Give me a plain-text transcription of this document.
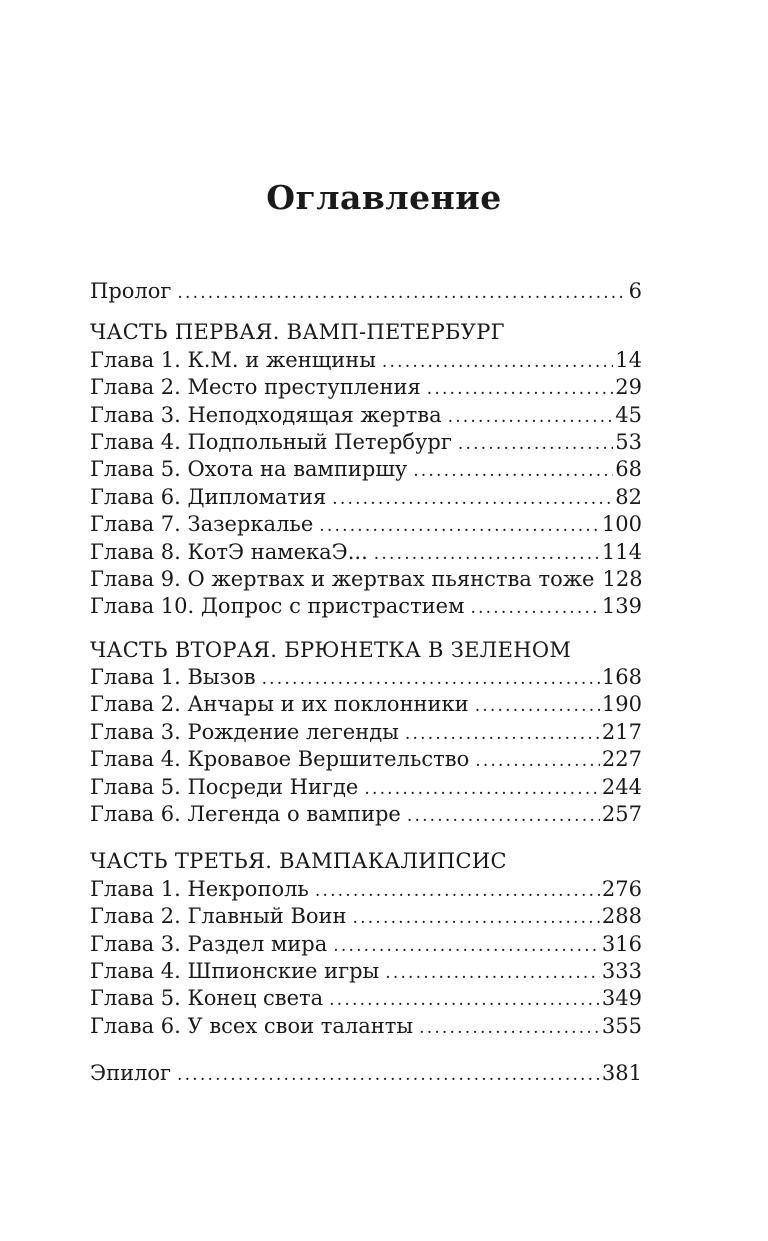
Оглавление
Пролог .....	6
ЧАСТЬ ПЕРВАЯ. ВАМП-ПЕТЕРБУРГ
Глава 1. К.М. и женщины .....	14
Глава 2. Место преступления .....	29
Глава 3. Неподходящая жертва .....	45
Глава 4. Подпольный Петербург .....	53
Глава 5. Охота на вампиршу .....	68
Глава 6. Дипломатия .....	82
Глава 7. Зазеркалье .....	100
Глава 8. КотЭ намекаЭ... .....	114
Глава 9. О жертвах и жертвах пьянства тоже 128
Глава 10. Допрос с пристрастием .....	139
ЧАСТЬ ВТОРАЯ. БРЮНЕТКА В ЗЕЛЕНОМ
Глава 1. Вызов .....	168
Глава 2. Анчары и их поклонники .....	190
Глава 3. Рождение легенды .....	217
Глава 4. Кровавое Вершительство .....	227
Глава 5. Посреди Нигде .....	244
Глава 6. Легенда о вампире .....	257
ЧАСТЬ ТРЕТЬЯ. ВАМПАКАЛИПСИС
Глава 1. Некрополь .....	276
Глава 2. Главный Воин .....	288
Глава 3. Раздел мира .....	316
Глава 4. Шпионские игры .....	333
Глава 5. Конец света .....	349
Глава 6. У всех свои таланты .....	355
Эпилог .....	381
